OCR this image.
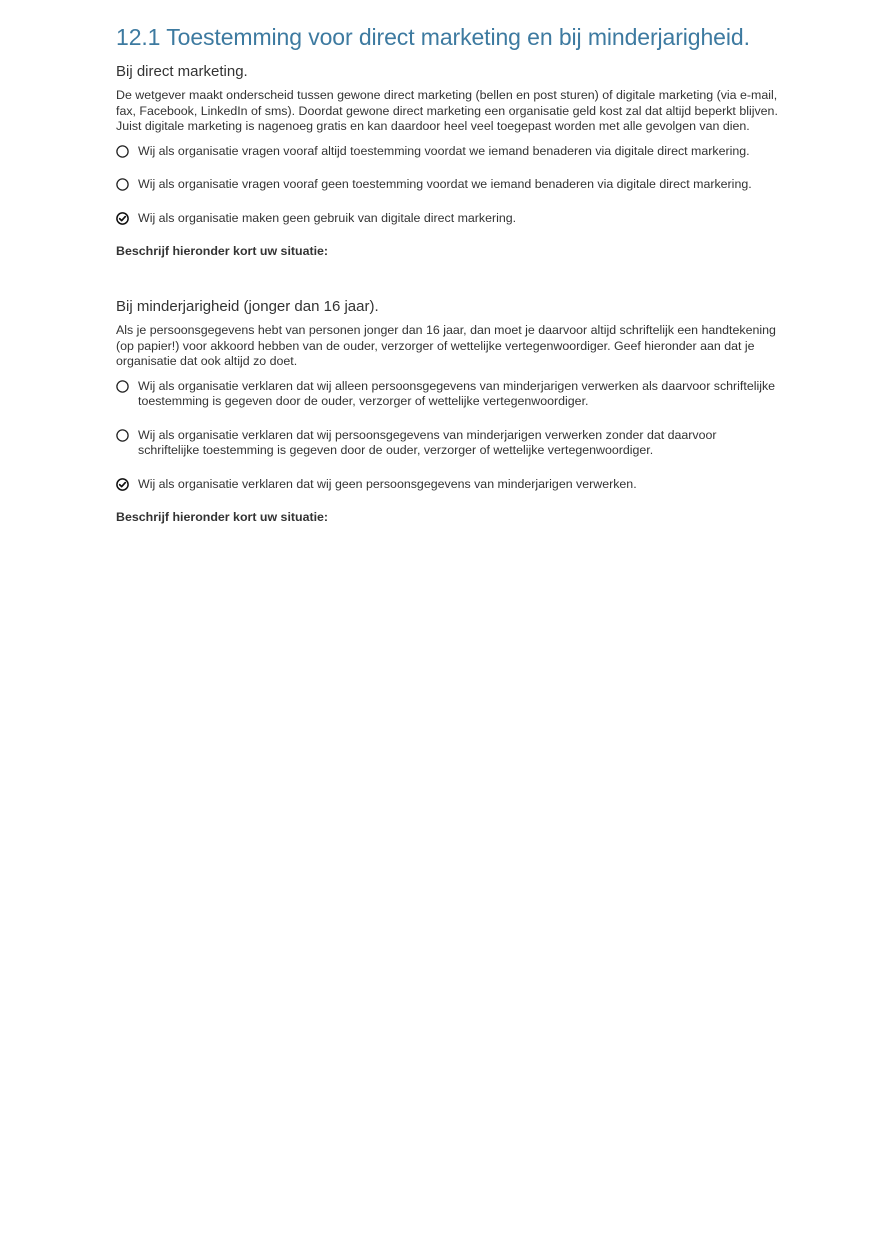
12.1 Toestemming voor direct marketing en bij minderjarigheid.
Bij direct marketing.

De wetgever maakt onderscheid tussen gewone direct marketing (bellen en post sturen) of digitale marketing (via e-mail, fax, Facebook, LinkedIn of sms). Doordat gewone direct marketing een organisatie geld kost zal dat altijd beperkt blijven. Juist digitale marketing is nagenoeg gratis en kan daardoor heel veel toegepast worden met alle gevolgen van dien.

Wij als organisatie vragen vooraf altijd toestemming voordat we iemand benaderen via digitale direct markering.
Wij als organisatie vragen vooraf geen toestemming voordat we iemand benaderen via digitale direct markering.
Wij als organisatie maken geen gebruik van digitale direct markering.

Beschrijf hieronder kort uw situatie:

Bij minderjarigheid (jonger dan 16 jaar).

Als je persoonsgegevens hebt van personen jonger dan 16 jaar, dan moet je daarvoor altijd schriftelijk een handtekening (op papier!) voor akkoord hebben van de ouder, verzorger of wettelijke vertegenwoordiger. Geef hieronder aan dat je organisatie dat ook altijd zo doet.

Wij als organisatie verklaren dat wij alleen persoonsgegevens van minderjarigen verwerken als daarvoor schriftelijke toestemming is gegeven door de ouder, verzorger of wettelijke vertegenwoordiger.
Wij als organisatie verklaren dat wij persoonsgegevens van minderjarigen verwerken zonder dat daarvoor schriftelijke toestemming is gegeven door de ouder, verzorger of wettelijke vertegenwoordiger.
Wij als organisatie verklaren dat wij geen persoonsgegevens van minderjarigen verwerken.

Beschrijf hieronder kort uw situatie:
